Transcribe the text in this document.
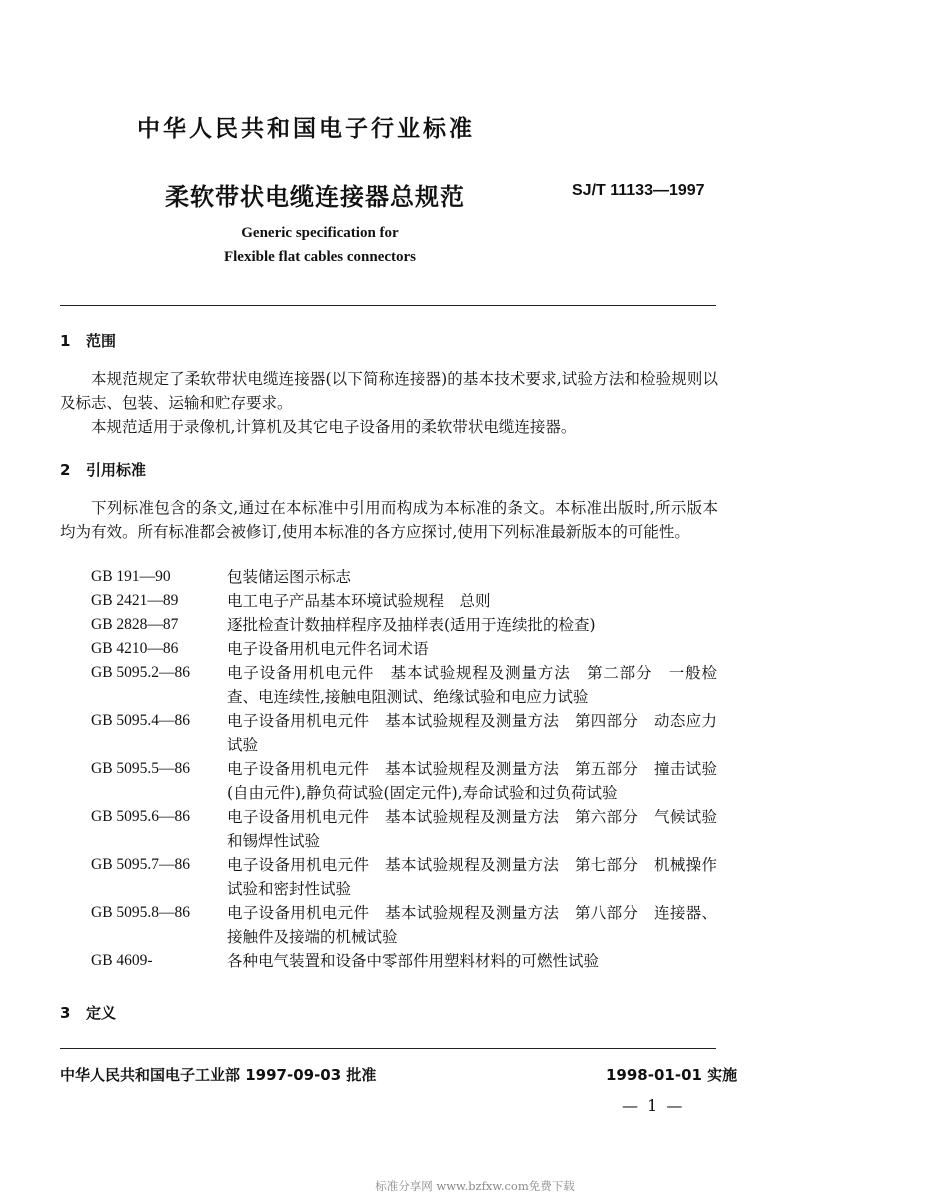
中华人民共和国电子行业标准
柔软带状电缆连接器总规范	SJ/T 11133—1997
Generic specification for
Flexible flat cables connectors
1 范围
本规范规定了柔软带状电缆连接器(以下简称连接器)的基本技术要求,试验方法和检验规则以及标志、包装、运输和贮存要求。
本规范适用于录像机,计算机及其它电子设备用的柔软带状电缆连接器。
2 引用标准
下列标准包含的条文,通过在本标准中引用而构成为本标准的条文。本标准出版时,所示版本均为有效。所有标准都会被修订,使用本标准的各方应探讨,使用下列标准最新版本的可能性。
GB 191—90	包装储运图示标志
GB 2421—89	电工电子产品基本环境试验规程　总则
GB 2828—87	逐批检查计数抽样程序及抽样表(适用于连续批的检查)
GB 4210—86	电子设备用机电元件名词术语
GB 5095.2—86 电子设备用机电元件　基本试验规程及测量方法　第二部分　一般检查、电连续性,接触电阻测试、绝缘试验和电应力试验
GB 5095.4—86 电子设备用机电元件　基本试验规程及测量方法　第四部分　动态应力试验
GB 5095.5—86 电子设备用机电元件　基本试验规程及测量方法　第五部分　撞击试验(自由元件),静负荷试验(固定元件),寿命试验和过负荷试验
GB 5095.6—86 电子设备用机电元件　基本试验规程及测量方法　第六部分　气候试验和锡焊性试验
GB 5095.7—86 电子设备用机电元件　基本试验规程及测量方法　第七部分　机械操作试验和密封性试验
GB 5095.8—86 电子设备用机电元件　基本试验规程及测量方法　第八部分　连接器、接触件及接端的机械试验
GB 4609-	各种电气装置和设备中零部件用塑料材料的可燃性试验
3 定义
中华人民共和国电子工业部 1997-09-03 批准	1998-01-01 实施
— 1 —
标准分享网 www.bzfxw.com免费下载
